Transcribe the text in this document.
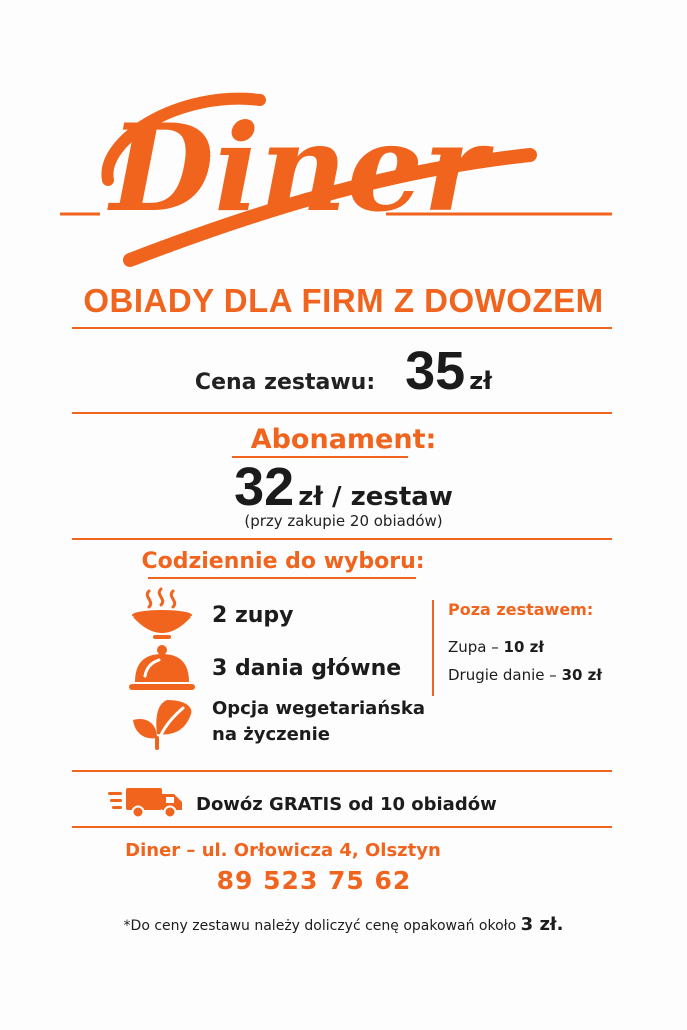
Diner
OBIADY DLA FIRM Z DOWOZEM
Cena zestawu: 35 zł
Abonament:
32 zł / zestaw
(przy zakupie 20 obiadów)
Codziennie do wyboru:
2 zupy
3 dania główne
Opcja wegetariańska
na życzenie
Poza zestawem:
Zupa – 10 zł
Drugie danie – 30 zł
Dowóz GRATIS od 10 obiadów
Diner – ul. Orłowicza 4, Olsztyn
89 523 75 62
*Do ceny zestawu należy doliczyć cenę opakowań około 3 zł.
